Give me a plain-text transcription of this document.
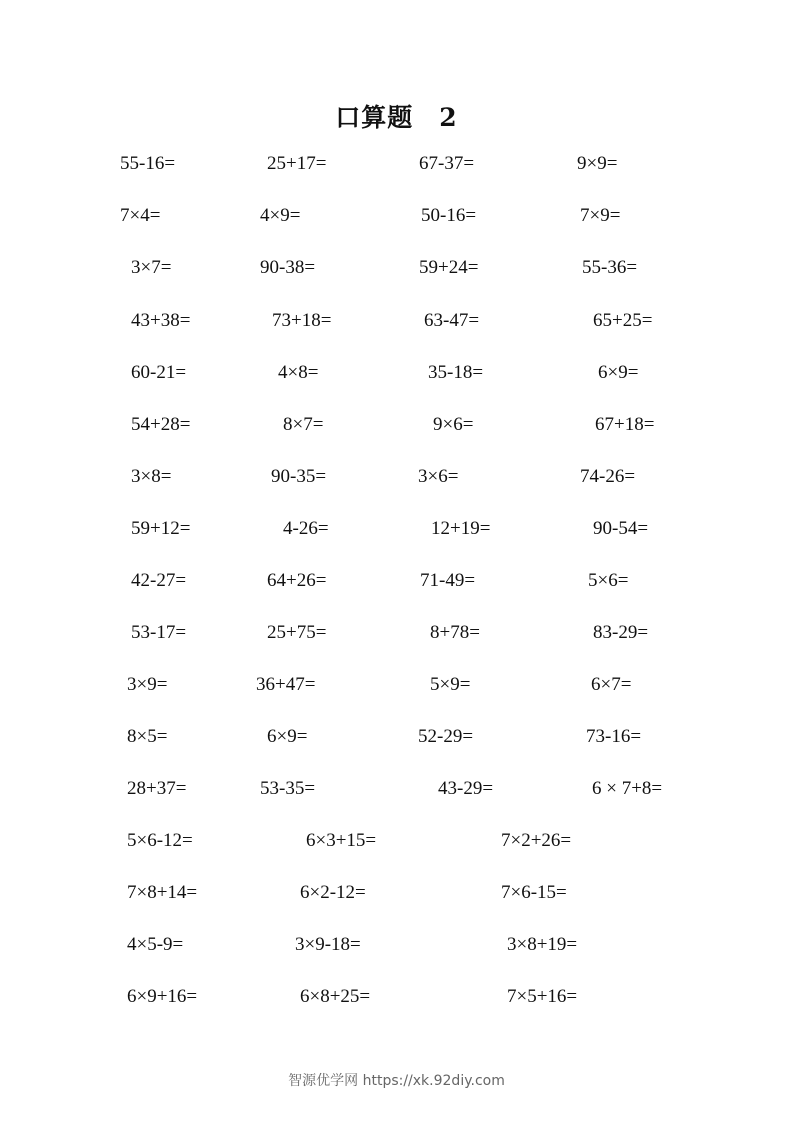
口算题　2
55-16=	25+17=	67-37=	9×9=
7×4=	4×9=	50-16=	7×9=
3×7=	90-38=	59+24=	55-36=
43+38=	73+18=	63-47=	65+25=
60-21=	4×8=	35-18=	6×9=
54+28=	8×7=	9×6=	67+18=
3×8=	90-35=	3×6=	74-26=
59+12=	4-26=	12+19=	90-54=
42-27=	64+26=	71-49=	5×6=
53-17=	25+75=	8+78=	83-29=
3×9=	36+47=	5×9=	6×7=
8×5=	6×9=	52-29=	73-16=
28+37=	53-35=	43-29=	6 × 7+8=
5×6-12=	6×3+15=	7×2+26=
7×8+14=	6×2-12=	7×6-15=
4×5-9=	3×9-18=	3×8+19=
6×9+16=	6×8+25=	7×5+16=
智源优学网 https://xk.92diy.com
